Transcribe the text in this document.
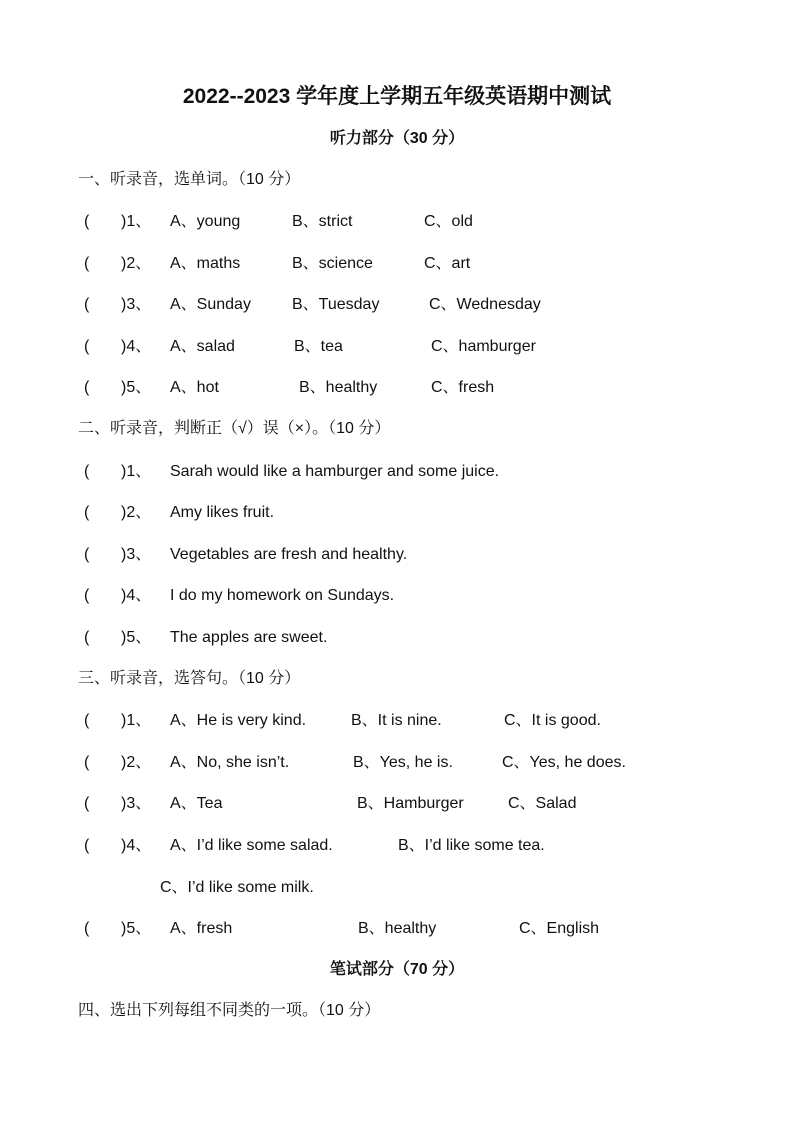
2022--2023 学年度上学期五年级英语期中测试
听力部分（30 分）
一、听录音，选单词。（10 分）
( )1、 A、young	B、strict	C、old
( )2、 A、maths	B、science	C、art
( )3、 A、Sunday	B、Tuesday	C、Wednesday
( )4、 A、salad	B、tea	C、hamburger
( )5、 A、hot	B、healthy	C、fresh
二、听录音，判断正（√）误（×）。（10 分）
( )1、 Sarah would like a hamburger and some juice.
( )2、 Amy likes fruit.
( )3、 Vegetables are fresh and healthy.
( )4、 I do my homework on Sundays.
( )5、 The apples are sweet.
三、听录音，选答句。（10 分）
( )1、 A、He is very kind.	B、It is nine.	C、It is good.
( )2、 A、No, she isn’t.	B、Yes, he is.	C、Yes, he does.
( )3、 A、Tea	B、Hamburger	C、Salad
( )4、 A、I’d like some salad.	B、I’d like some tea.
C、I’d like some milk.
( )5、 A、fresh	B、healthy	C、English
笔试部分（70 分）
四、选出下列每组不同类的一项。（10 分）
